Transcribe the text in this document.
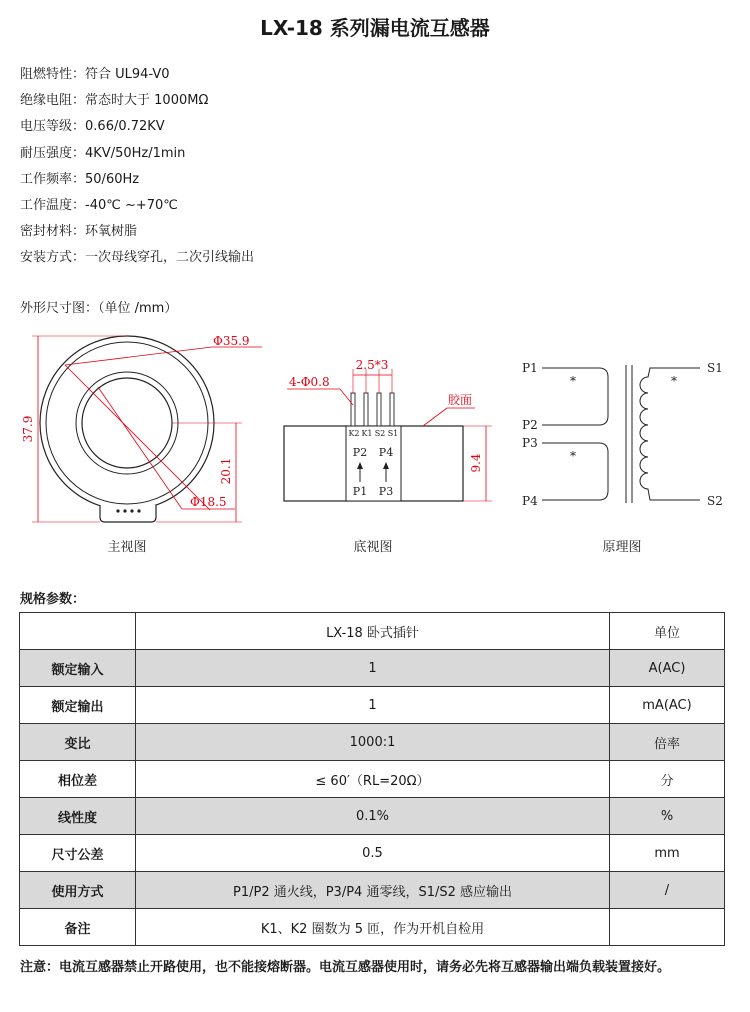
LX-18 系列漏电流互感器
阻燃特性：符合 UL94-V0
绝缘电阻：常态时大于 1000MΩ
电压等级：0.66/0.72KV
耐压强度：4KV/50Hz/1min
工作频率：50/60Hz
工作温度：-40℃ ~+70℃
密封材料：环氧树脂
安装方式：一次母线穿孔，二次引线输出
外形尺寸图：（单位 /mm）
Φ35.9
Φ18.5
37.9
20.1
主视图
K2 K1 S2 S1
P2 P4
P1 P3
2.5*3
4-Φ0.8
胶面
9.4
底视图
P1
P2
P3
P4
*
*
*
S1
S2
原理图
规格参数：
	LX-18 卧式插针	单位
额定输入	1	A(AC)
额定输出	1	mA(AC)
变比	1000:1	倍率
相位差	≤ 60′（RL=20Ω）	分
线性度	0.1%	%
尺寸公差	0.5	mm
使用方式	P1/P2 通火线，P3/P4 通零线，S1/S2 感应输出	/
备注	K1、K2 圈数为 5 匝，作为开机自检用	
注意：电流互感器禁止开路使用，也不能接熔断器。电流互感器使用时，请务必先将互感器输出端负载装置接好。
